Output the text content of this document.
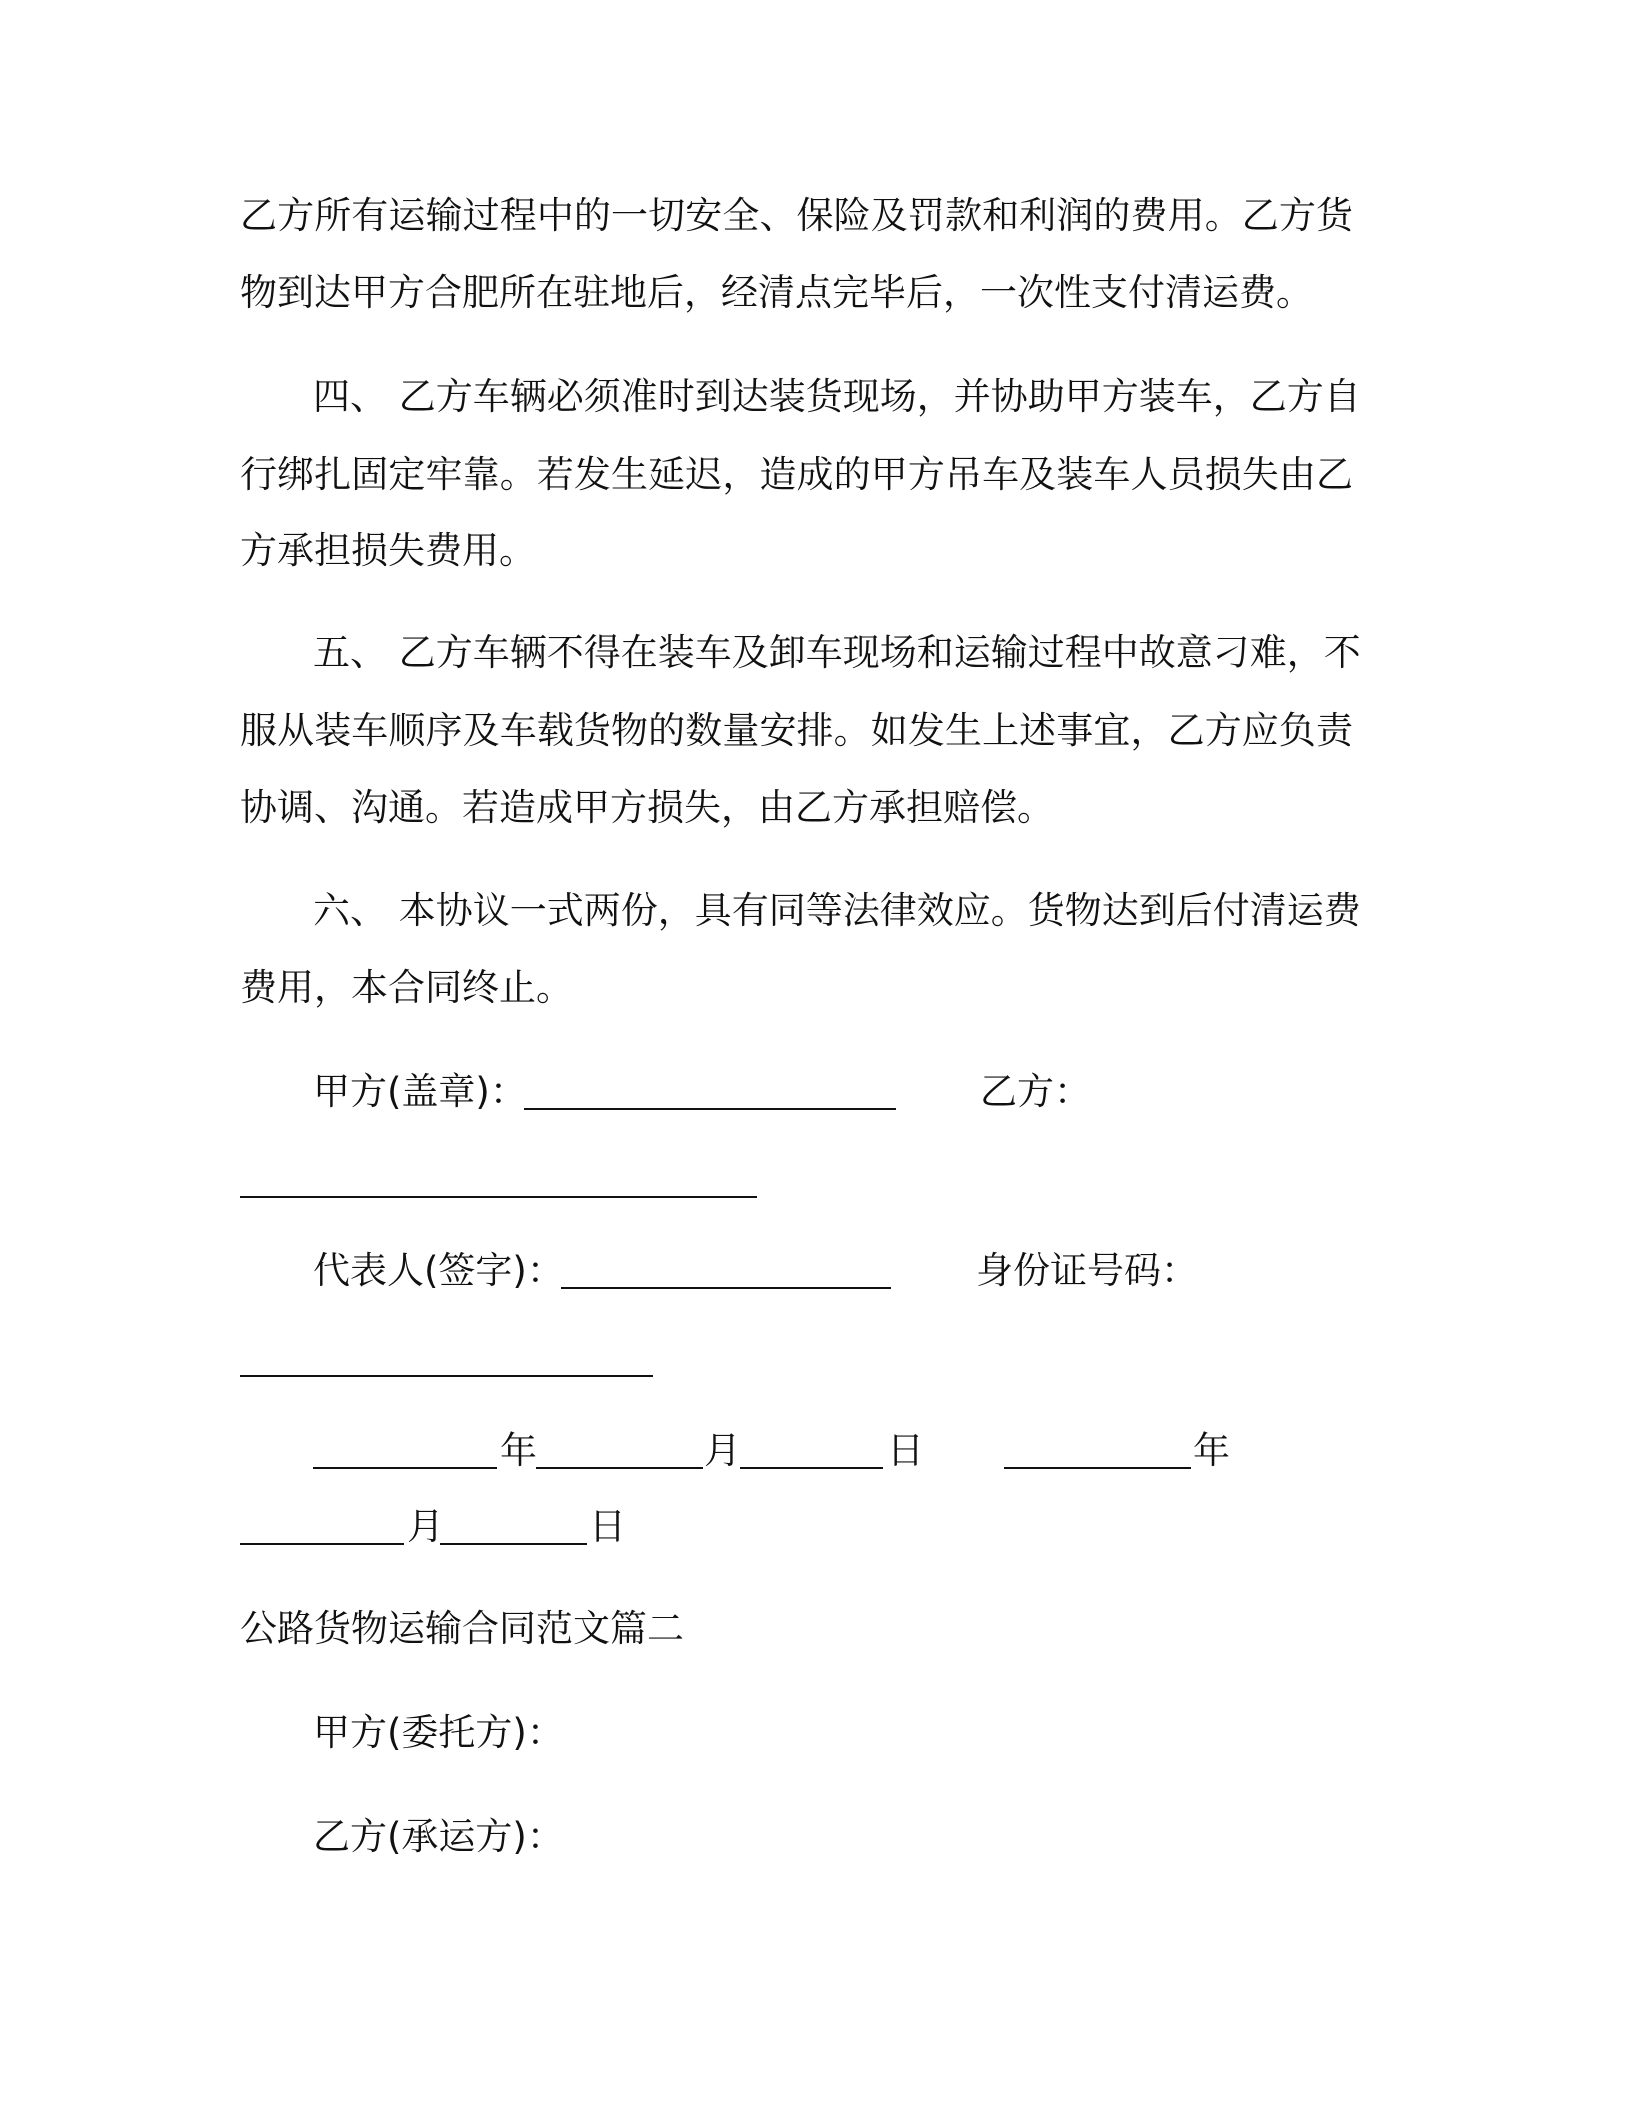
乙方所有运输过程中的一切安全、保险及罚款和利润的费用。乙方货
物到达甲方合肥所在驻地后，经清点完毕后，一次性支付清运费。
四、 乙方车辆必须准时到达装货现场，并协助甲方装车，乙方自
行绑扎固定牢靠。若发生延迟，造成的甲方吊车及装车人员损失由乙
方承担损失费用。
五、 乙方车辆不得在装车及卸车现场和运输过程中故意刁难，不
服从装车顺序及车载货物的数量安排。如发生上述事宜，乙方应负责
协调、沟通。若造成甲方损失，由乙方承担赔偿。
六、 本协议一式两份，具有同等法律效应。货物达到后付清运费
费用，本合同终止。
甲方(盖章)：	乙方：
代表人(签字)：	身份证号码：
年	月	日	年
月	日
公路货物运输合同范文篇二
甲方(委托方)：
乙方(承运方)：
